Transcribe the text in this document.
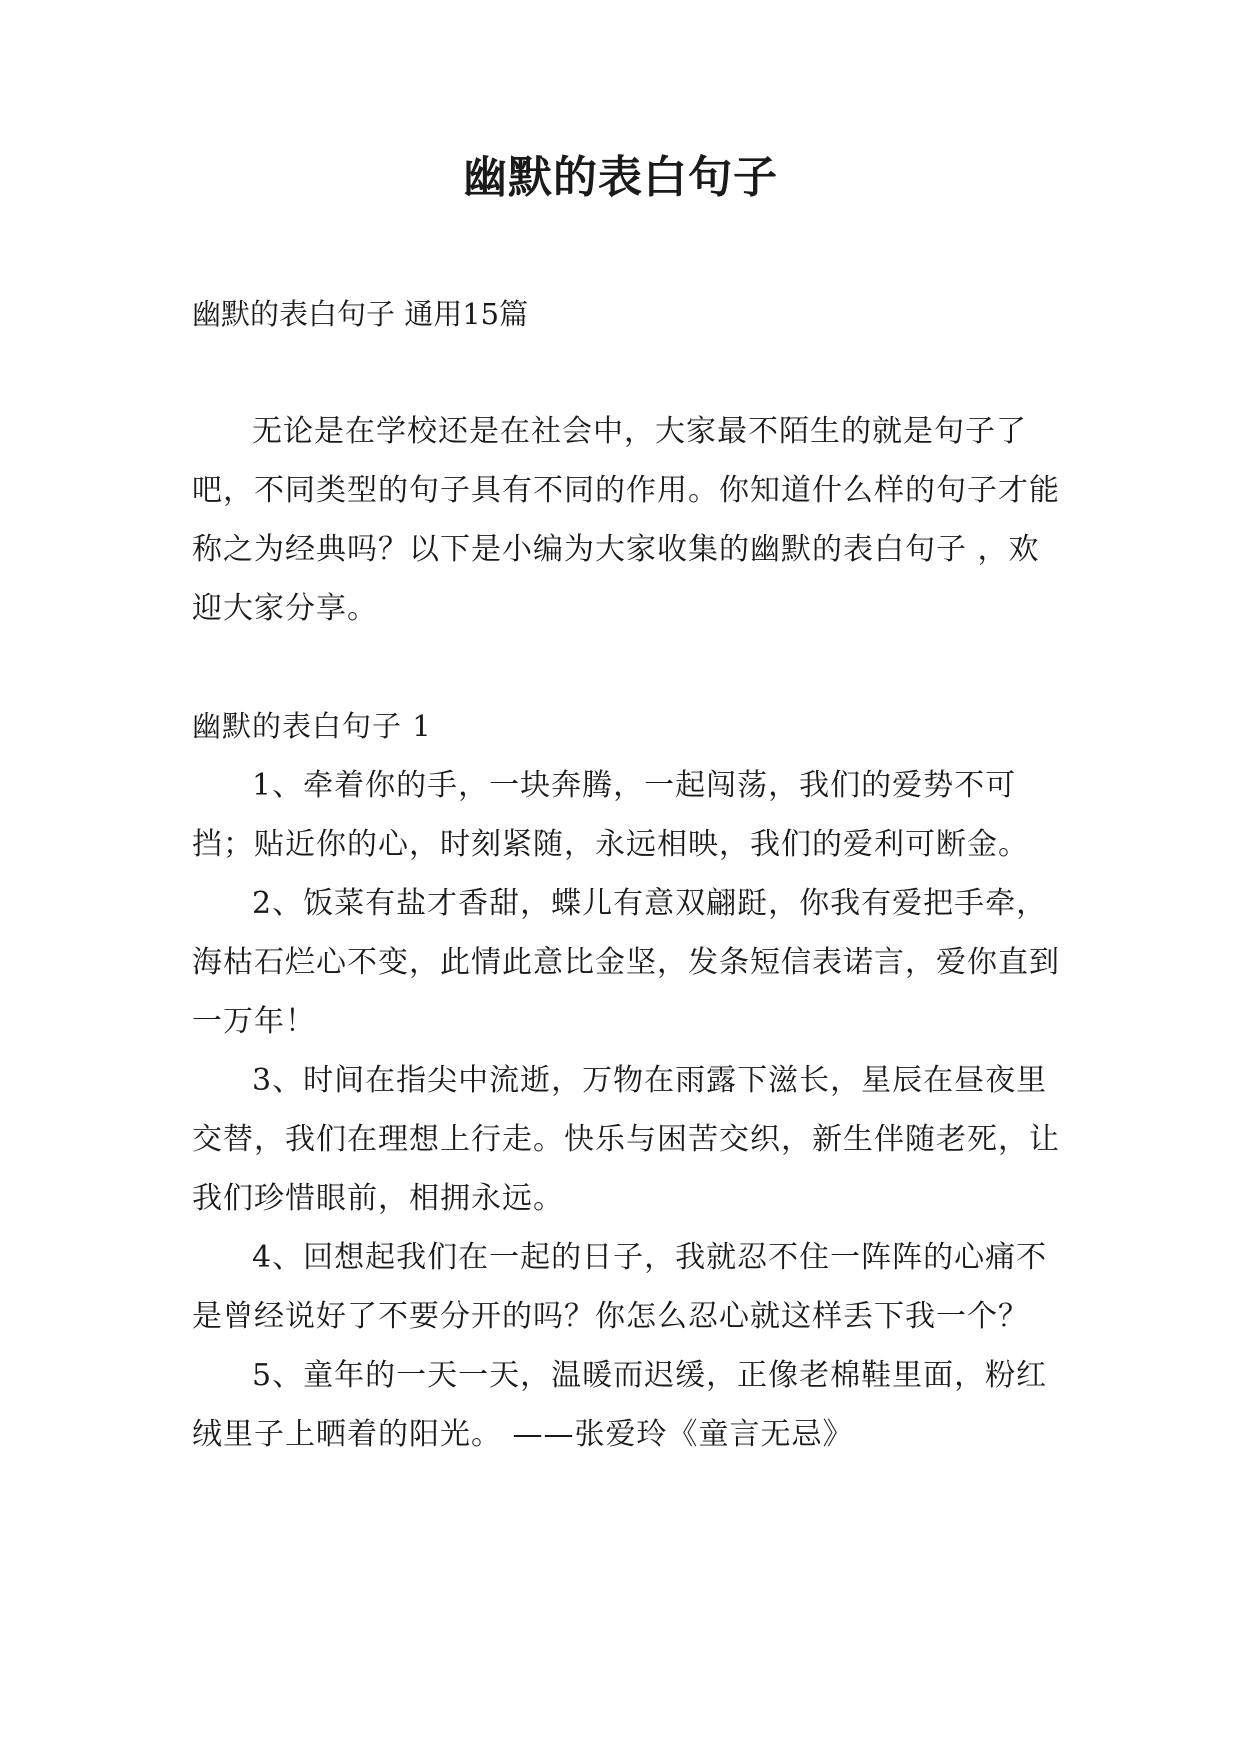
幽默的表白句子
幽默的表白句子 通用15篇

无论是在学校还是在社会中，大家最不陌生的就是句子了吧，不同类型的句子具有不同的作用。你知道什么样的句子才能称之为经典吗？以下是小编为大家收集的幽默的表白句子 ，欢迎大家分享。

幽默的表白句子 1

1、牵着你的手，一块奔腾，一起闯荡，我们的爱势不可挡；贴近你的心，时刻紧随，永远相映，我们的爱利可断金。

2、饭菜有盐才香甜，蝶儿有意双翩跹，你我有爱把手牵，海枯石烂心不变，此情此意比金坚，发条短信表诺言，爱你直到一万年！

3、时间在指尖中流逝，万物在雨露下滋长，星辰在昼夜里交替，我们在理想上行走。快乐与困苦交织，新生伴随老死，让我们珍惜眼前，相拥永远。

4、回想起我们在一起的日子，我就忍不住一阵阵的心痛不是曾经说好了不要分开的吗？你怎么忍心就这样丢下我一个？

5、童年的一天一天，温暖而迟缓，正像老棉鞋里面，粉红绒里子上晒着的阳光。 ——张爱玲《童言无忌》
